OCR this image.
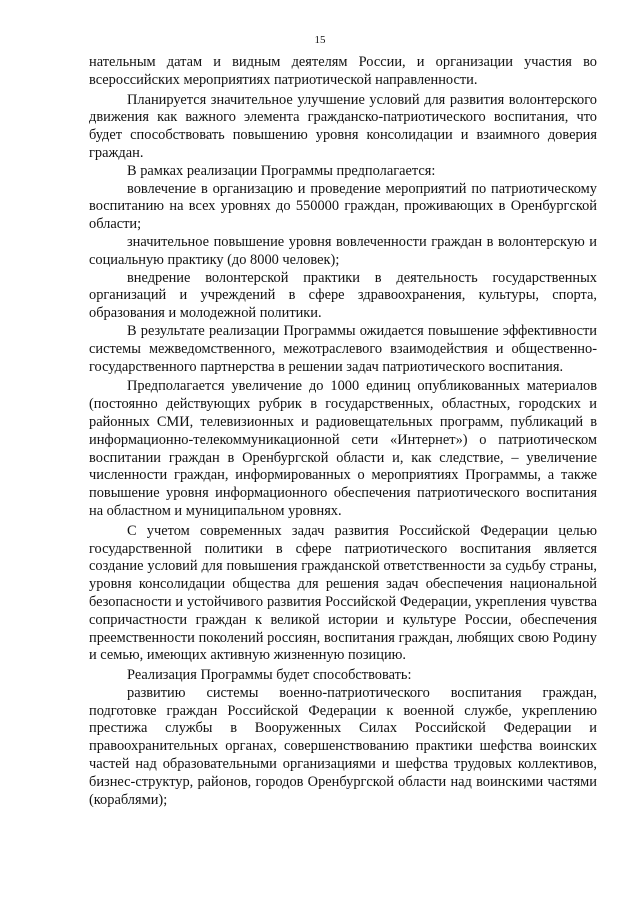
15

нательным датам и видным деятелям России, и организации участия во всероссийских мероприятиях патриотической направленности.

Планируется значительное улучшение условий для развития волонтерского движения как важного элемента гражданско-патриотического воспитания, что будет способствовать повышению уровня консолидации и взаимного доверия граждан.

В рамках реализации Программы предполагается:

вовлечение в организацию и проведение мероприятий по патриотическому воспитанию на всех уровнях до 550000 граждан, проживающих в Оренбургской области;

значительное повышение уровня вовлеченности граждан в волонтерскую и социальную практику (до 8000 человек);

внедрение волонтерской практики в деятельность государственных организаций и учреждений в сфере здравоохранения, культуры, спорта, образования и молодежной политики.

В результате реализации Программы ожидается повышение эффективности системы межведомственного, межотраслевого взаимодействия и общественно-государственного партнерства в решении задач патриотического воспитания.

Предполагается увеличение до 1000 единиц опубликованных материалов (постоянно действующих рубрик в государственных, областных, городских и районных СМИ, телевизионных и радиовещательных программ, публикаций в информационно-телекоммуникационной сети «Интернет») о патриотическом воспитании граждан в Оренбургской области и, как следствие, – увеличение численности граждан, информированных о мероприятиях Программы, а также повышение уровня информационного обеспечения патриотического воспитания на областном и муниципальном уровнях.

С учетом современных задач развития Российской Федерации целью государственной политики в сфере патриотического воспитания является создание условий для повышения гражданской ответственности за судьбу страны, уровня консолидации общества для решения задач обеспечения национальной безопасности и устойчивого развития Российской Федерации, укрепления чувства сопричастности граждан к великой истории и культуре России, обеспечения преемственности поколений россиян, воспитания граждан, любящих свою Родину и семью, имеющих активную жизненную позицию.

Реализация Программы будет способствовать:

развитию системы военно-патриотического воспитания граждан, подготовке граждан Российской Федерации к военной службе, укреплению престижа службы в Вооруженных Силах Российской Федерации и правоохранительных органах, совершенствованию практики шефства воинских частей над образовательными организациями и шефства трудовых коллективов, бизнес-структур, районов, городов Оренбургской области над воинскими частями (кораблями);
